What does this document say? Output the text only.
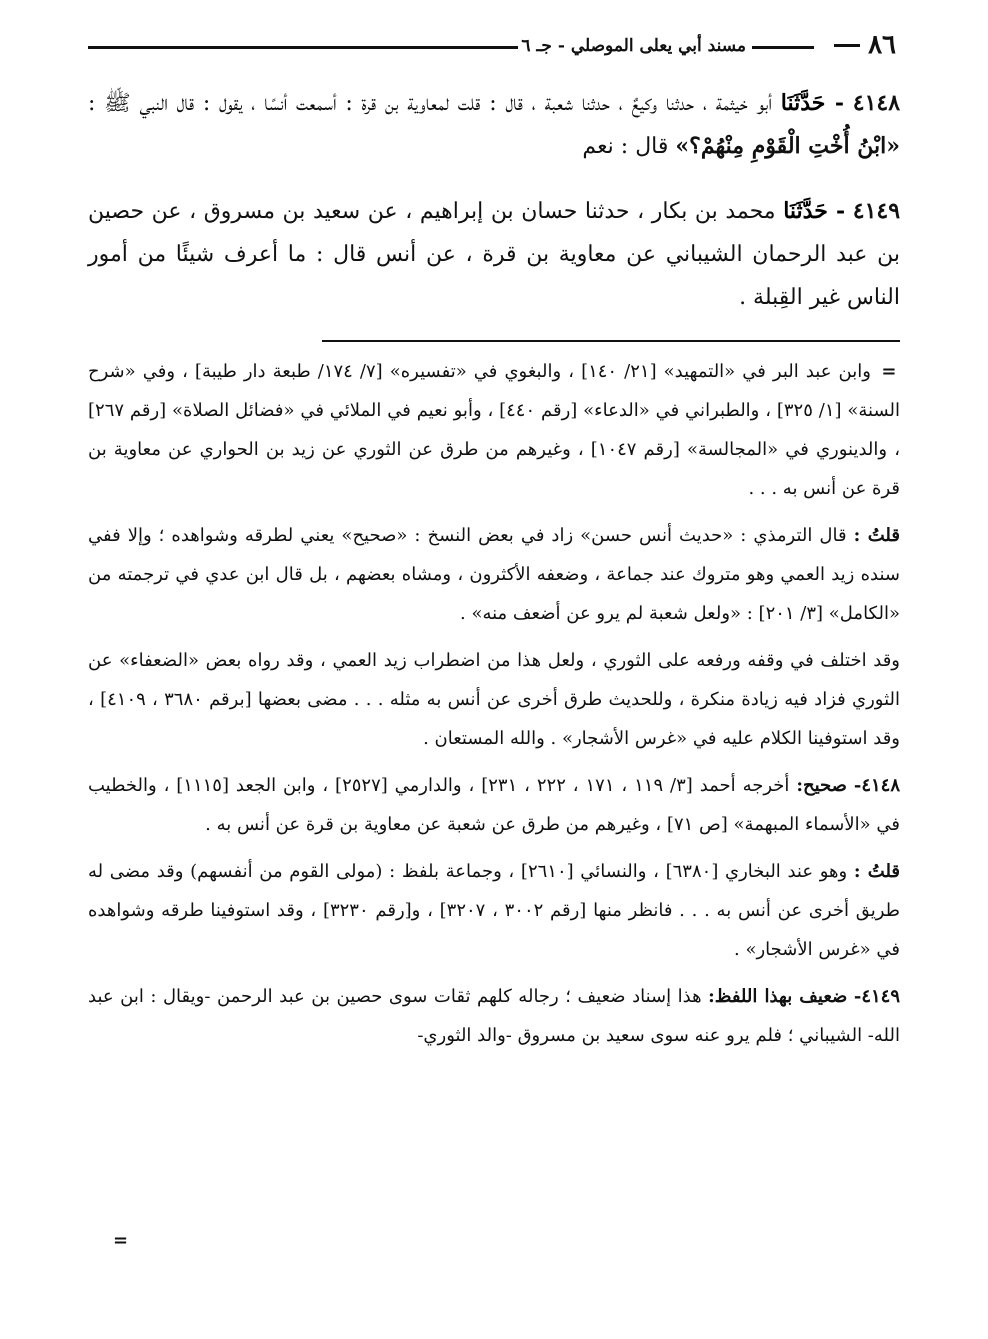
٨٦
مسند أبي يعلى الموصلي - جـ ٦
٤١٤٨ - حَدَّثَنَا أبو خيثمة ، حدثنا وكيعٌ ، حدثنا شعبة ، قال : قلت لمعاوية بن قرة : أسمعت أنسًا ، يقول : قال النبي ﷺ : «ابْنُ أُخْتِ الْقَوْمِ مِنْهُمْ؟» قال : نعم
٤١٤٩ - حَدَّثَنَا محمد بن بكار ، حدثنا حسان بن إبراهيم ، عن سعيد بن مسروق ، عن حصين بن عبد الرحمان الشيباني عن معاوية بن قرة ، عن أنس قال : ما أعرف شيئًا من أمور الناس غير القِبلة .

= وابن عبد البر في «التمهيد» [٢١/ ١٤٠] ، والبغوي في «تفسيره» [٧/ ١٧٤/ طبعة دار طيبة] ، وفي «شرح السنة» [١/ ٣٢٥] ، والطبراني في «الدعاء» [رقم ٤٤٠] ، وأبو نعيم في الملائي في «فضائل الصلاة» [رقم ٢٦٧] ، والدينوري في «المجالسة» [رقم ١٠٤٧] ، وغيرهم من طرق عن الثوري عن زيد بن الحواري عن معاوية بن قرة عن أنس به . . .

قلتُ : قال الترمذي : «حديث أنس حسن» زاد في بعض النسخ : «صحيح» يعني لطرقه وشواهده ؛ وإلا ففي سنده زيد العمي وهو متروك عند جماعة ، وضعفه الأكثرون ، ومشاه بعضهم ، بل قال ابن عدي في ترجمته من «الكامل» [٣/ ٢٠١] : «ولعل شعبة لم يرو عن أضعف منه» .

وقد اختلف في وقفه ورفعه على الثوري ، ولعل هذا من اضطراب زيد العمي ، وقد رواه بعض «الضعفاء» عن الثوري فزاد فيه زيادة منكرة ، وللحديث طرق أخرى عن أنس به مثله . . . مضى بعضها [برقم ٣٦٨٠ ، ٤١٠٩] ، وقد استوفينا الكلام عليه في «غرس الأشجار» . والله المستعان .

٤١٤٨- صحيح: أخرجه أحمد [٣/ ١١٩ ، ١٧١ ، ٢٢٢ ، ٢٣١] ، والدارمي [٢٥٢٧] ، وابن الجعد [١١١٥] ، والخطيب في «الأسماء المبهمة» [ص ٧١] ، وغيرهم من طرق عن شعبة عن معاوية بن قرة عن أنس به .

قلتُ : وهو عند البخاري [٦٣٨٠] ، والنسائي [٢٦١٠] ، وجماعة بلفظ : (مولى القوم من أنفسهم) وقد مضى له طريق أخرى عن أنس به . . . فانظر منها [رقم ٣٠٠٢ ، ٣٢٠٧] ، و[رقم ٣٢٣٠] ، وقد استوفينا طرقه وشواهده في «غرس الأشجار» .

٤١٤٩- ضعيف بهذا اللفظ: هذا إسناد ضعيف ؛ رجاله كلهم ثقات سوى حصين بن عبد الرحمن -ويقال : ابن عبد الله- الشيباني ؛ فلم يرو عنه سوى سعيد بن مسروق -والد الثوري-

=
